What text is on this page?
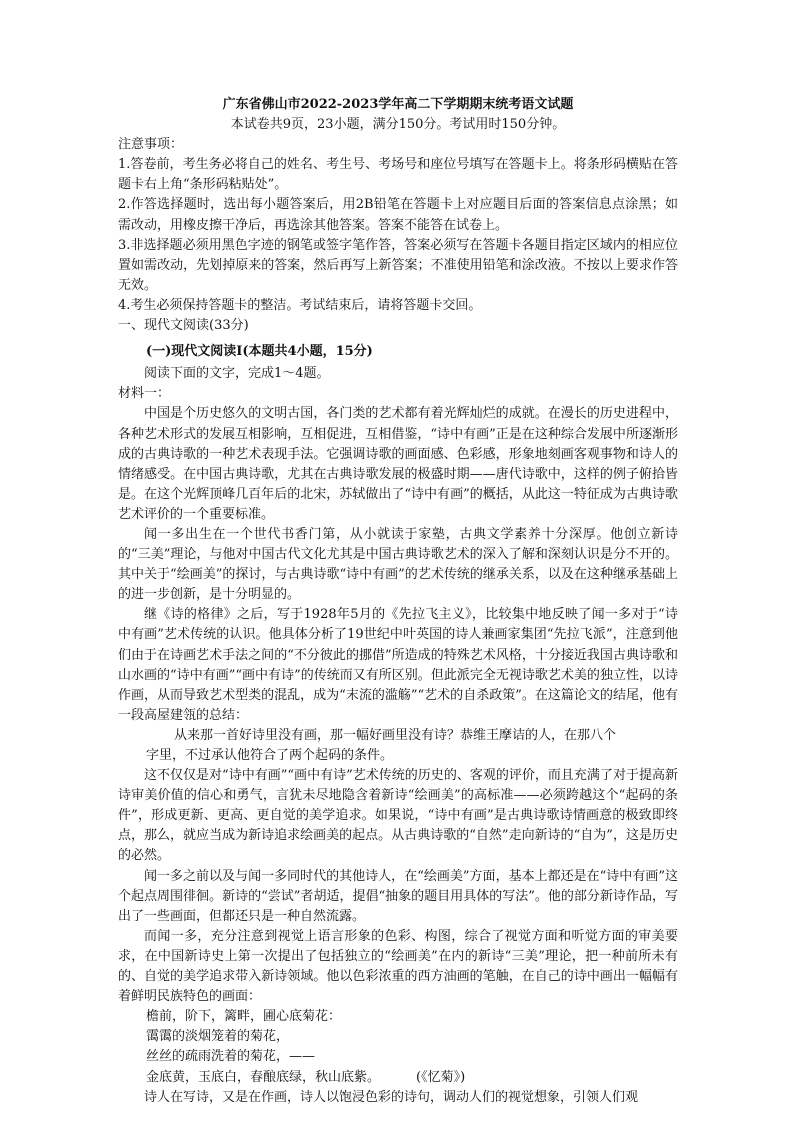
广东省佛山市2022-2023学年高二下学期期末统考语文试题

本试卷共9页，23小题，满分150分。考试用时150分钟。

注意事项：

1.答卷前，考生务必将自己的姓名、考生号、考场号和座位号填写在答题卡上。将条形码横贴在答题卡右上角“条形码粘贴处”。

2.作答选择题时，选出每小题答案后，用2B铅笔在答题卡上对应题目后面的答案信息点涂黑；如需改动，用橡皮擦干净后，再选涂其他答案。答案不能答在试卷上。

3.非选择题必须用黑色字迹的钢笔或签字笔作答，答案必须写在答题卡各题目指定区域内的相应位置如需改动，先划掉原来的答案，然后再写上新答案；不准使用铅笔和涂改液。不按以上要求作答无效。

4.考生必须保持答题卡的整洁。考试结束后，请将答题卡交回。

一、现代文阅读(33分)

(一)现代文阅读Ⅰ(本题共4小题，15分)

阅读下面的文字，完成1～4题。

材料一：

中国是个历史悠久的文明古国，各门类的艺术都有着光辉灿烂的成就。在漫长的历史进程中，各种艺术形式的发展互相影响，互相促进，互相借鉴，“诗中有画”正是在这种综合发展中所逐渐形成的古典诗歌的一种艺术表现手法。它强调诗歌的画面感、色彩感，形象地刻画客观事物和诗人的情绪感受。在中国古典诗歌，尤其在古典诗歌发展的极盛时期——唐代诗歌中，这样的例子俯拾皆是。在这个光辉顶峰几百年后的北宋，苏轼做出了“诗中有画”的概括，从此这一特征成为古典诗歌艺术评价的一个重要标准。

闻一多出生在一个世代书香门第，从小就读于家塾，古典文学素养十分深厚。他创立新诗的“三美”理论，与他对中国古代文化尤其是中国古典诗歌艺术的深入了解和深刻认识是分不开的。其中关于“绘画美”的探讨，与古典诗歌“诗中有画”的艺术传统的继承关系，以及在这种继承基础上的进一步创新，是十分明显的。

继《诗的格律》之后，写于1928年5月的《先拉飞主义》，比较集中地反映了闻一多对于“诗中有画”艺术传统的认识。他具体分析了19世纪中叶英国的诗人兼画家集团“先拉飞派”，注意到他们由于在诗画艺术手法之间的“不分彼此的挪借”所造成的特殊艺术风格，十分接近我国古典诗歌和山水画的“诗中有画”“画中有诗”的传统而又有所区别。但此派完全无视诗歌艺术美的独立性，以诗作画，从而导致艺术型类的混乱，成为“末流的滥觞”“艺术的自杀政策”。在这篇论文的结尾，他有一段高屋建瓴的总结：

从来那一首好诗里没有画，那一幅好画里没有诗？恭维王摩诘的人，在那八个

字里，不过承认他符合了两个起码的条件。

这不仅仅是对“诗中有画”“画中有诗”艺术传统的历史的、客观的评价，而且充满了对于提高新诗审美价值的信心和勇气，言犹未尽地隐含着新诗“绘画美”的高标准——必须跨越这个“起码的条件”，形成更新、更高、更自觉的美学追求。如果说，“诗中有画”是古典诗歌诗情画意的极致即终点，那么，就应当成为新诗追求绘画美的起点。从古典诗歌的“自然”走向新诗的“自为”，这是历史的必然。

闻一多之前以及与闻一多同时代的其他诗人，在“绘画美”方面，基本上都还是在“诗中有画”这个起点周围徘徊。新诗的“尝试”者胡适，提倡“抽象的题目用具体的写法”。他的部分新诗作品，写出了一些画面，但都还只是一种自然流露。

而闻一多，充分注意到视觉上语言形象的色彩、构图，综合了视觉方面和听觉方面的审美要求，在中国新诗史上第一次提出了包括独立的“绘画美”在内的新诗“三美”理论，把一种前所未有的、自觉的美学追求带入新诗领域。他以色彩浓重的西方油画的笔触，在自己的诗中画出一幅幅有着鲜明民族特色的画面：

檐前，阶下，篱畔，圃心底菊花：

霭霭的淡烟笼着的菊花，

丝丝的疏雨洗着的菊花，——

金底黄，玉底白，春酿底绿，秋山底紫。	(《忆菊》)

诗人在写诗，又是在作画，诗人以饱浸色彩的诗句，调动人们的视觉想象，引领人们观
